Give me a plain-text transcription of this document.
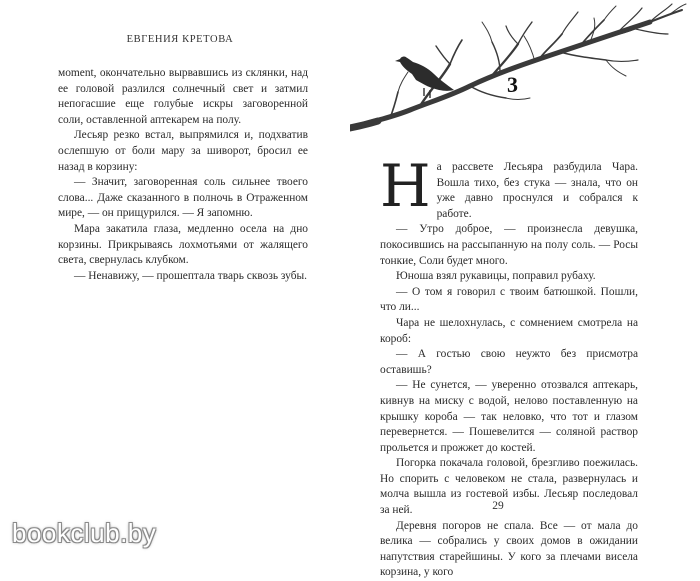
ЕВГЕНИЯ КРЕТОВА

моment, окончательно вырвавшись из склянки, над ее головой разлился солнечный свет и затмил непогасшие еще голубые искры заговоренной соли, оставленной аптекарем на полу.

Лесьяр резко встал, выпрямился и, подхватив ослепшую от боли мару за шиворот, бросил ее назад в корзину:

— Значит, заговоренная соль сильнее твоего слова... Даже сказанного в полночь в Отраженном мире, — он прищурился. — Я запомню.

Мара закатила глаза, медленно осела на дно корзины. Прикрываясь лохмотьями от жалящего света, свернулась клубком.

— Ненавижу, — прошептала тварь сквозь зубы.

3

На рассвете Лесьяра разбудила Чара. Вошла тихо, без стука — знала, что он уже давно проснулся и собрался к работе.

— Утро доброе, — произнесла девушка, покосившись на рассыпанную на полу соль. — Росы тонкие, Соли будет много.

Юноша взял рукавицы, поправил рубаху.

— О том я говорил с твоим батюшкой. Пошли, что ли...

Чара не шелохнулась, с сомнением смотрела на короб:

— А гостью свою неужто без присмотра оставишь?

— Не сунется, — уверенно отозвался аптекарь, кивнув на миску с водой, нелово поставленную на крышку короба — так неловко, что тот и глазом перевернется. — Пошевелится — соляной раствор прольется и прожжет до костей.

Погорка покачала головой, брезгливо поежилась. Но спорить с человеком не стала, развернулась и молча вышла из гостевой избы. Лесьяр последовал за ней.

Деревня погоров не спала. Все — от мала до велика — собрались у своих домов в ожидании напутствия старейшины. У кого за плечами висела корзина, у кого

29
bookclub.by
